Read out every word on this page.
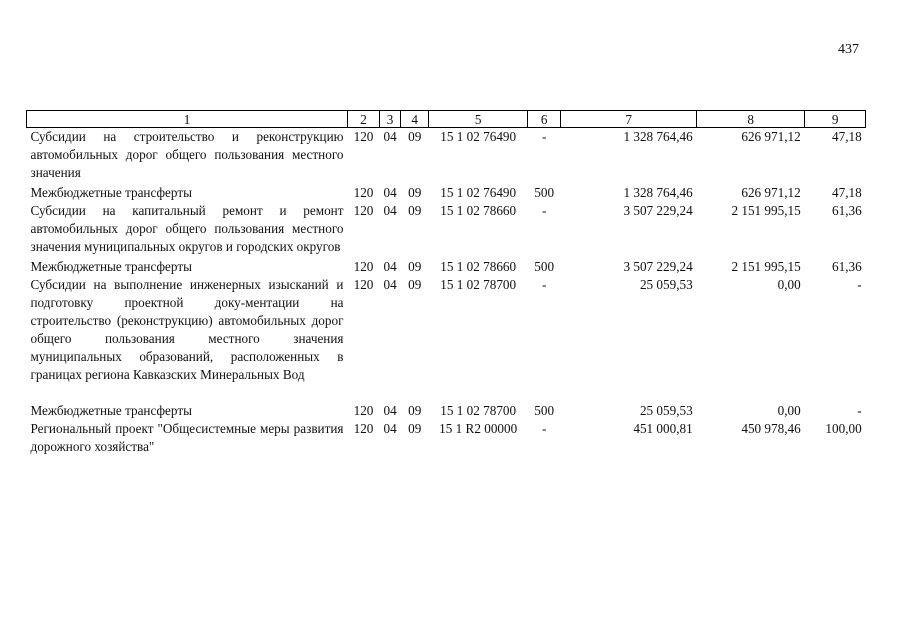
437
1	2	3	4	5	6	7	8	9
Субсидии на строительство и реконструкцию автомобильных дорог общего пользования местного значения	120	04	09	15 1 02 76490	-	1 328 764,46	626 971,12	47,18

Межбюджетные трансферты	120	04	09	15 1 02 76490	500	1 328 764,46	626 971,12	47,18
Субсидии на капитальный ремонт и ремонт автомобильных дорог общего пользования местного значения муниципальных округов и городских округов	120	04	09	15 1 02 78660	-	3 507 229,24	2 151 995,15	61,36

Межбюджетные трансферты	120	04	09	15 1 02 78660	500	3 507 229,24	2 151 995,15	61,36
Субсидии на выполнение инженерных изысканий и подготовку проектной доку-ментации на строительство (реконструкцию) автомобильных дорог общего пользования местного значения муниципальных образований, расположенных в границах региона Кавказских Минеральных Вод	120	04	09	15 1 02 78700	-	25 059,53	0,00	-

Межбюджетные трансферты	120	04	09	15 1 02 78700	500	25 059,53	0,00	-
Региональный проект "Общесистемные меры развития дорожного хозяйства"	120	04	09	15 1 R2 00000	-	451 000,81	450 978,46	100,00
